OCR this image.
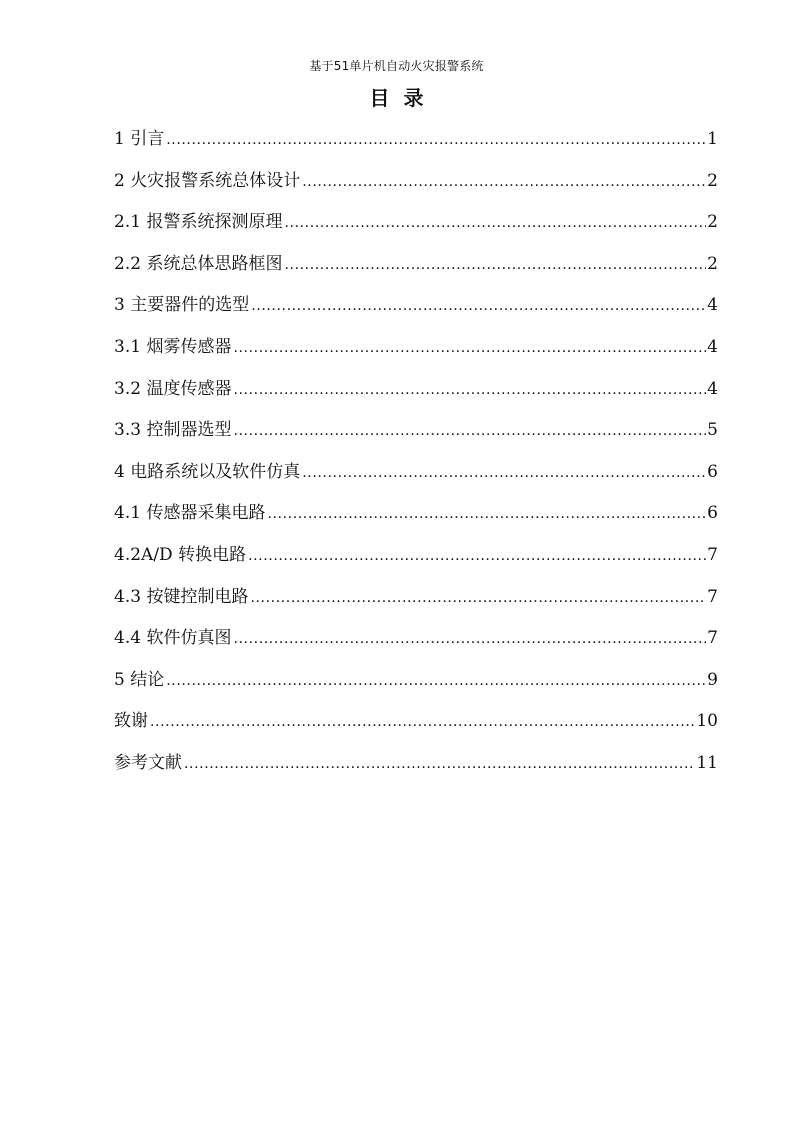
基于51单片机自动火灾报警系统
目  录
1 引言 .....	1
2 火灾报警系统总体设计 .....	2
2.1 报警系统探测原理 .....	2
2.2 系统总体思路框图 .....	2
3 主要器件的选型 .....	4
3.1 烟雾传感器 .....	4
3.2 温度传感器 .....	4
3.3 控制器选型 .....	5
4 电路系统以及软件仿真 .....	6
4.1 传感器采集电路 .....	6
4.2A/D 转换电路 .....	7
4.3 按键控制电路 .....	7
4.4 软件仿真图 .....	7
5 结论 .....	9
致谢 .....	10
参考文献 .....	11
